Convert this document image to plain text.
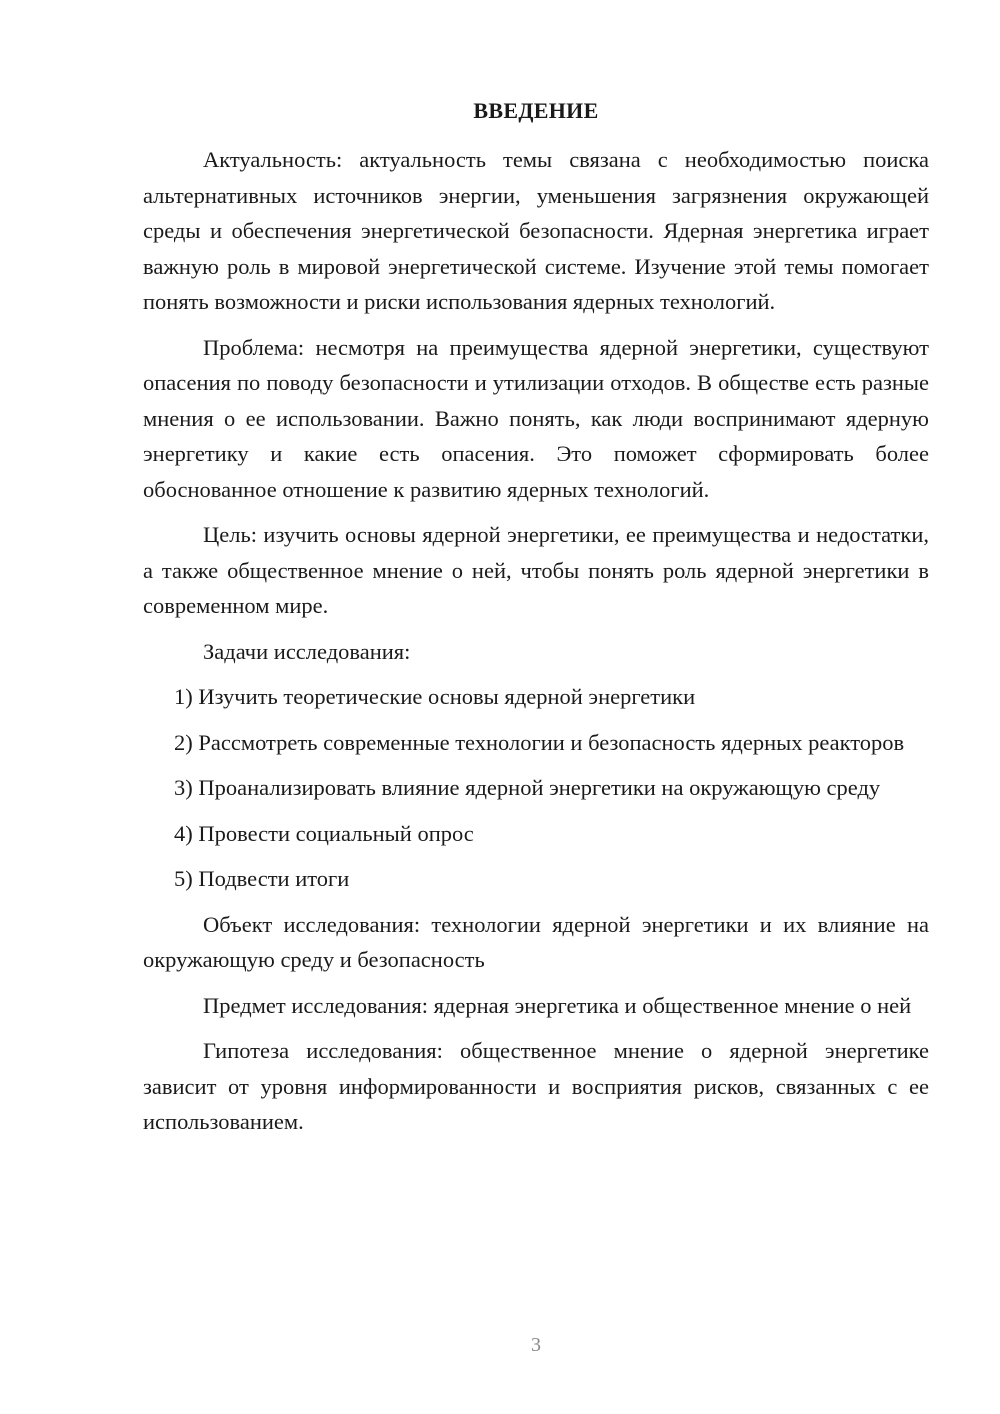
ВВЕДЕНИЕ

Актуальность: актуальность темы связана с необходимостью поиска альтернативных источников энергии, уменьшения загрязнения окружающей среды и обеспечения энергетической безопасности. Ядерная энергетика играет важную роль в мировой энергетической системе. Изучение этой темы помогает понять возможности и риски использования ядерных технологий.

Проблема: несмотря на преимущества ядерной энергетики, существуют опасения по поводу безопасности и утилизации отходов. В обществе есть разные мнения о ее использовании. Важно понять, как люди воспринимают ядерную энергетику и какие есть опасения. Это поможет сформировать более обоснованное отношение к развитию ядерных технологий.

Цель: изучить основы ядерной энергетики, ее преимущества и недостатки, а также общественное мнение о ней, чтобы понять роль ядерной энергетики в современном мире.

Задачи исследования:

1) Изучить теоретические основы ядерной энергетики

2) Рассмотреть современные технологии и безопасность ядерных реакторов

3) Проанализировать влияние ядерной энергетики на окружающую среду

4) Провести социальный опрос

5) Подвести итоги

Объект исследования: технологии ядерной энергетики и их влияние на окружающую среду и безопасность

Предмет исследования: ядерная энергетика и общественное мнение о ней

Гипотеза исследования: общественное мнение о ядерной энергетике зависит от уровня информированности и восприятия рисков, связанных с ее использованием.

3
